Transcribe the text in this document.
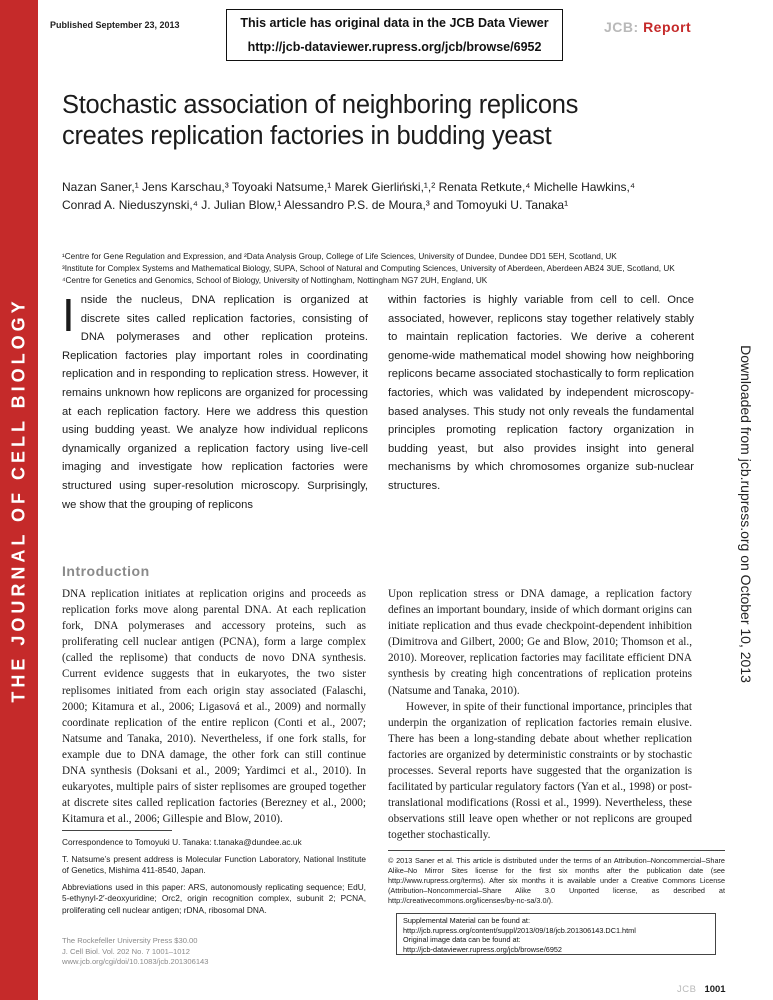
THE JOURNAL OF CELL BIOLOGY
Published September 23, 2013	This article has original data in the JCB Data Viewer
http://jcb-dataviewer.rupress.org/jcb/browse/6952
JCB: Report
Stochastic association of neighboring replicons
creates replication factories in budding yeast
Nazan Saner,¹ Jens Karschau,³ Toyoaki Natsume,¹ Marek Gierliński,¹,² Renata Retkute,⁴ Michelle Hawkins,⁴
Conrad A. Nieduszynski,⁴ J. Julian Blow,¹ Alessandro P.S. de Moura,³ and Tomoyuki U. Tanaka¹
¹Centre for Gene Regulation and Expression, and ²Data Analysis Group, College of Life Sciences, University of Dundee, Dundee DD1 5EH, Scotland, UK
³Institute for Complex Systems and Mathematical Biology, SUPA, School of Natural and Computing Sciences, University of Aberdeen, Aberdeen AB24 3UE, Scotland, UK
⁴Centre for Genetics and Genomics, School of Biology, University of Nottingham, Nottingham NG7 2UH, England, UK
Inside the nucleus, DNA replication is organized at discrete sites called replication factories, consisting of DNA polymerases and other replication proteins. Replication factories play important roles in coordinating replication and in responding to replication stress. However, it remains unknown how replicons are organized for processing at each replication factory. Here we address this question using budding yeast. We analyze how individual replicons dynamically organized a replication factory using live-cell imaging and investigate how replication factories were structured using super-resolution microscopy. Surprisingly, we show that the grouping of replicons
within factories is highly variable from cell to cell. Once associated, however, replicons stay together relatively stably to maintain replication factories. We derive a coherent genome-wide mathematical model showing how neighboring replicons became associated stochastically to form replication factories, which was validated by independent microscopy-based analyses. This study not only reveals the fundamental principles promoting replication factory organization in budding yeast, but also provides insight into general mechanisms by which chromosomes organize sub-nuclear structures.	Downloaded from jcb.rupress.org on October 10, 2013
Introduction

DNA replication initiates at replication origins and proceeds as replication forks move along parental DNA. At each replication fork, DNA polymerases and accessory proteins, such as proliferating cell nuclear antigen (PCNA), form a large complex (called the replisome) that conducts de novo DNA synthesis. Current evidence suggests that in eukaryotes, the two sister replisomes initiated from each origin stay associated (Falaschi, 2000; Kitamura et al., 2006; Ligasová et al., 2009) and normally coordinate replication of the entire replicon (Conti et al., 2007; Natsume and Tanaka, 2010). Nevertheless, if one fork stalls, for example due to DNA damage, the other fork can still continue DNA synthesis (Doksani et al., 2009; Yardimci et al., 2010). In eukaryotes, multiple pairs of sister replisomes are grouped together at discrete sites called replication factories (Berezney et al., 2000; Kitamura et al., 2006; Gillespie and Blow, 2010).

Upon replication stress or DNA damage, a replication factory defines an important boundary, inside of which dormant origins can initiate replication and thus evade checkpoint-dependent inhibition (Dimitrova and Gilbert, 2000; Ge and Blow, 2010; Thomson et al., 2010). Moreover, replication factories may facilitate efficient DNA synthesis by creating high concentrations of replication proteins (Natsume and Tanaka, 2010).

However, in spite of their functional importance, principles that underpin the organization of replication factories remain elusive. There has been a long-standing debate about whether replication factories are organized by deterministic constraints or by stochastic processes. Several reports have suggested that the organization is facilitated by particular regulatory factors (Yan et al., 1998) or post-translational modifications (Rossi et al., 1999). Nevertheless, these observations still leave open whether or not replicons are grouped together stochastically.

Correspondence to Tomoyuki U. Tanaka: t.tanaka@dundee.ac.uk

T. Natsume’s present address is Molecular Function Laboratory, National Institute of Genetics, Mishima 411-8540, Japan.

Abbreviations used in this paper: ARS, autonomously replicating sequence; EdU, 5-ethynyl-2′-deoxyuridine; Orc2, origin recognition complex, subunit 2; PCNA, proliferating cell nuclear antigen; rDNA, ribosomal DNA.

© 2013 Saner et al. This article is distributed under the terms of an Attribution–Noncommercial–Share Alike–No Mirror Sites license for the first six months after the publication date (see http://www.rupress.org/terms). After six months it is available under a Creative Commons License (Attribution–Noncommercial–Share Alike 3.0 Unported license, as described at http://creativecommons.org/licenses/by-nc-sa/3.0/).
Supplemental Material can be found at:
http://jcb.rupress.org/content/suppl/2013/09/18/jcb.201306143.DC1.html
Original image data can be found at:
http://jcb-dataviewer.rupress.org/jcb/browse/6952
The Rockefeller University Press $30.00
J. Cell Biol. Vol. 202 No. 7 1001–1012
www.jcb.org/cgi/doi/10.1083/jcb.201306143
JCB 1001
